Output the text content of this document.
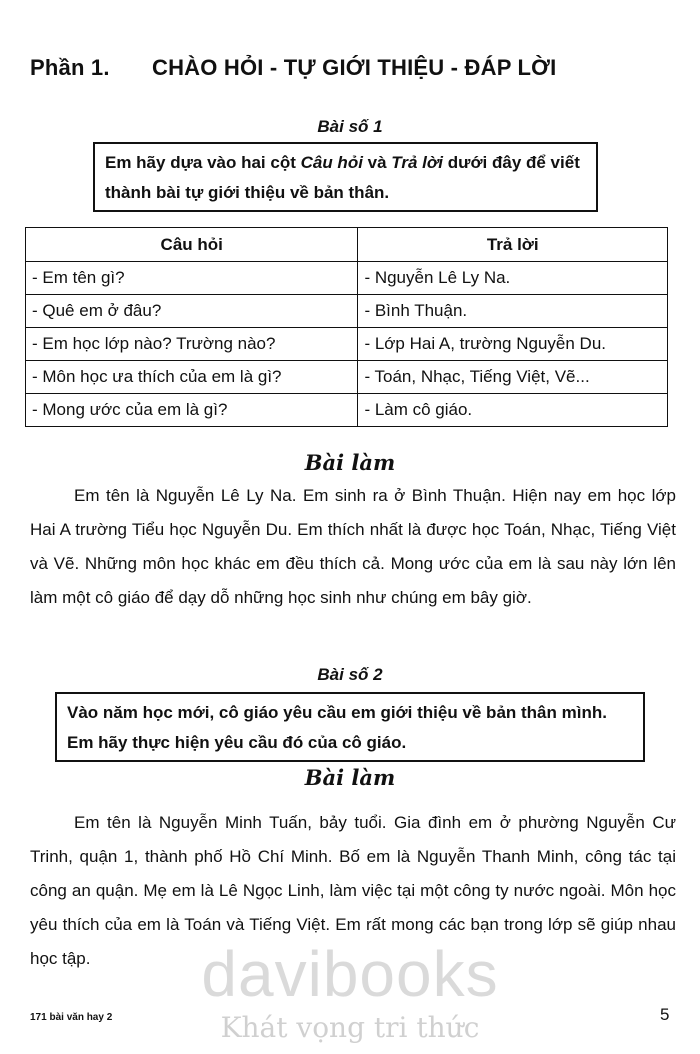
Phần 1. CHÀO HỎI - TỰ GIỚI THIỆU - ĐÁP LỜI
Bài số 1
Em hãy dựa vào hai cột Câu hỏi và Trả lời dưới đây để viết thành bài tự giới thiệu về bản thân.
Câu hỏi	Trả lời
- Em tên gì?	- Nguyễn Lê Ly Na.
- Quê em ở đâu?	- Bình Thuận.
- Em học lớp nào? Trường nào?	- Lớp Hai A, trường Nguyễn Du.
- Môn học ưa thích của em là gì?	- Toán, Nhạc, Tiếng Việt, Vẽ...
- Mong ước của em là gì?	- Làm cô giáo.
Bài làm
Em tên là Nguyễn Lê Ly Na. Em sinh ra ở Bình Thuận. Hiện nay em học lớp Hai A trường Tiểu học Nguyễn Du. Em thích nhất là được học Toán, Nhạc, Tiếng Việt và Vẽ. Những môn học khác em đều thích cả. Mong ước của em là sau này lớn lên làm một cô giáo để dạy dỗ những học sinh như chúng em bây giờ.
Bài số 2
Vào năm học mới, cô giáo yêu cầu em giới thiệu về bản thân mình. Em hãy thực hiện yêu cầu đó của cô giáo.
Bài làm
Em tên là Nguyễn Minh Tuấn, bảy tuổi. Gia đình em ở phường Nguyễn Cư Trinh, quận 1, thành phố Hồ Chí Minh. Bố em là Nguyễn Thanh Minh, công tác tại công an quận. Mẹ em là Lê Ngọc Linh, làm việc tại một công ty nước ngoài. Môn học yêu thích của em là Toán và Tiếng Việt. Em rất mong các bạn trong lớp sẽ giúp nhau học tập.	davibooks
Khát vọng tri thức
171 bài văn hay 2	5
